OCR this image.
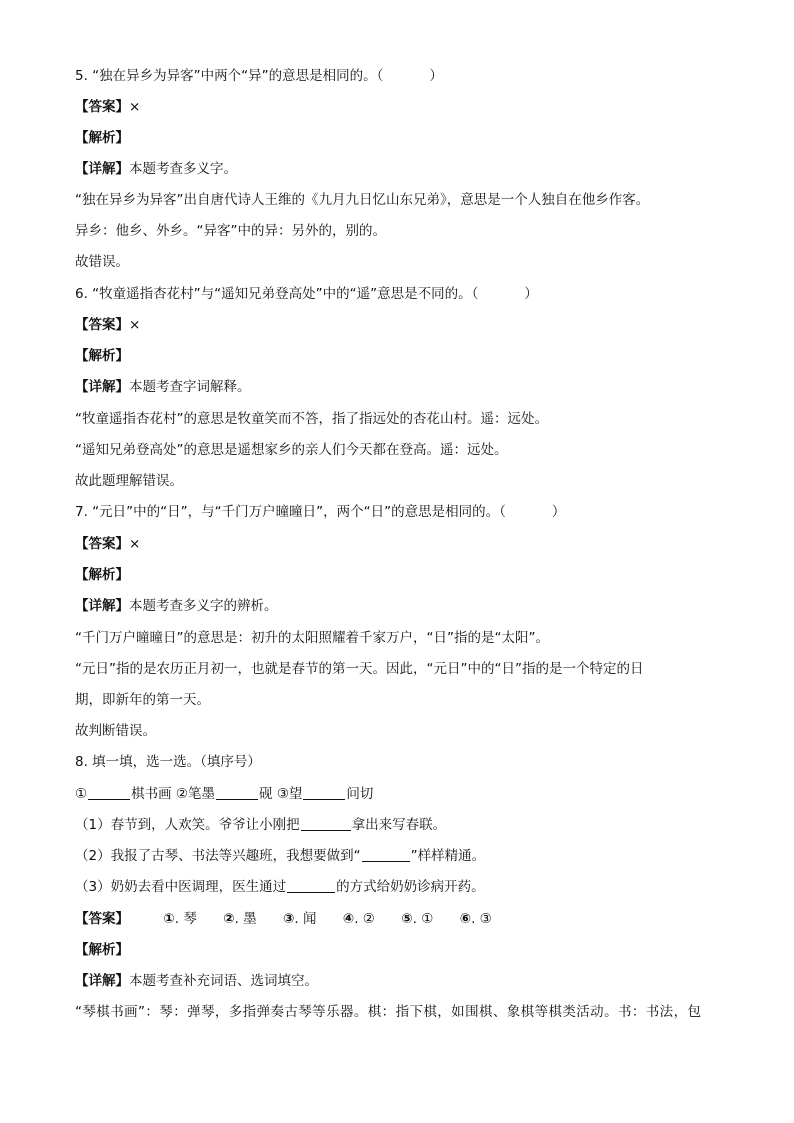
5. “独在异乡为异客”中两个“异”的意思是相同的。（	）
【答案】×
【解析】
【详解】本题考查多义字。
“独在异乡为异客”出自唐代诗人王维的《九月九日忆山东兄弟》，意思是一个人独自在他乡作客。
异乡：他乡、外乡。“异客”中的异：另外的，别的。
故错误。
6. “牧童遥指杏花村”与“遥知兄弟登高处”中的“遥”意思是不同的。（	）
【答案】×
【解析】
【详解】本题考查字词解释。
“牧童遥指杏花村”的意思是牧童笑而不答，指了指远处的杏花山村。遥：远处。
“遥知兄弟登高处”的意思是遥想家乡的亲人们今天都在登高。遥：远处。
故此题理解错误。
7. “元日”中的“日”，与“千门万户曈曈日”，两个“日”的意思是相同的。（	）
【答案】×
【解析】
【详解】本题考查多义字的辨析。
“千门万户曈曈日”的意思是：初升的太阳照耀着千家万户，“日”指的是“太阳”。
“元日”指的是农历正月初一，也就是春节的第一天。因此，“元日”中的“日”指的是一个特定的日
期，即新年的第一天。
故判断错误。
8. 填一填，选一选。（填序号）
①	棋书画 ②笔墨	砚 ③望	问切
（1）春节到，人欢笑。爷爷让小刚把	拿出来写春联。
（2）我报了古琴、书法等兴趣班，我想要做到“	”样样精通。
（3）奶奶去看中医调理，医生通过	的方式给奶奶诊病开药。
【答案】	①. 琴 ②. 墨 ③. 闻 ④. ② ⑤. ① ⑥. ③
【解析】
【详解】本题考查补充词语、选词填空。
“琴棋书画”：琴：弹琴，多指弹奏古琴等乐器。棋：指下棋，如围棋、象棋等棋类活动。书：书法，包
